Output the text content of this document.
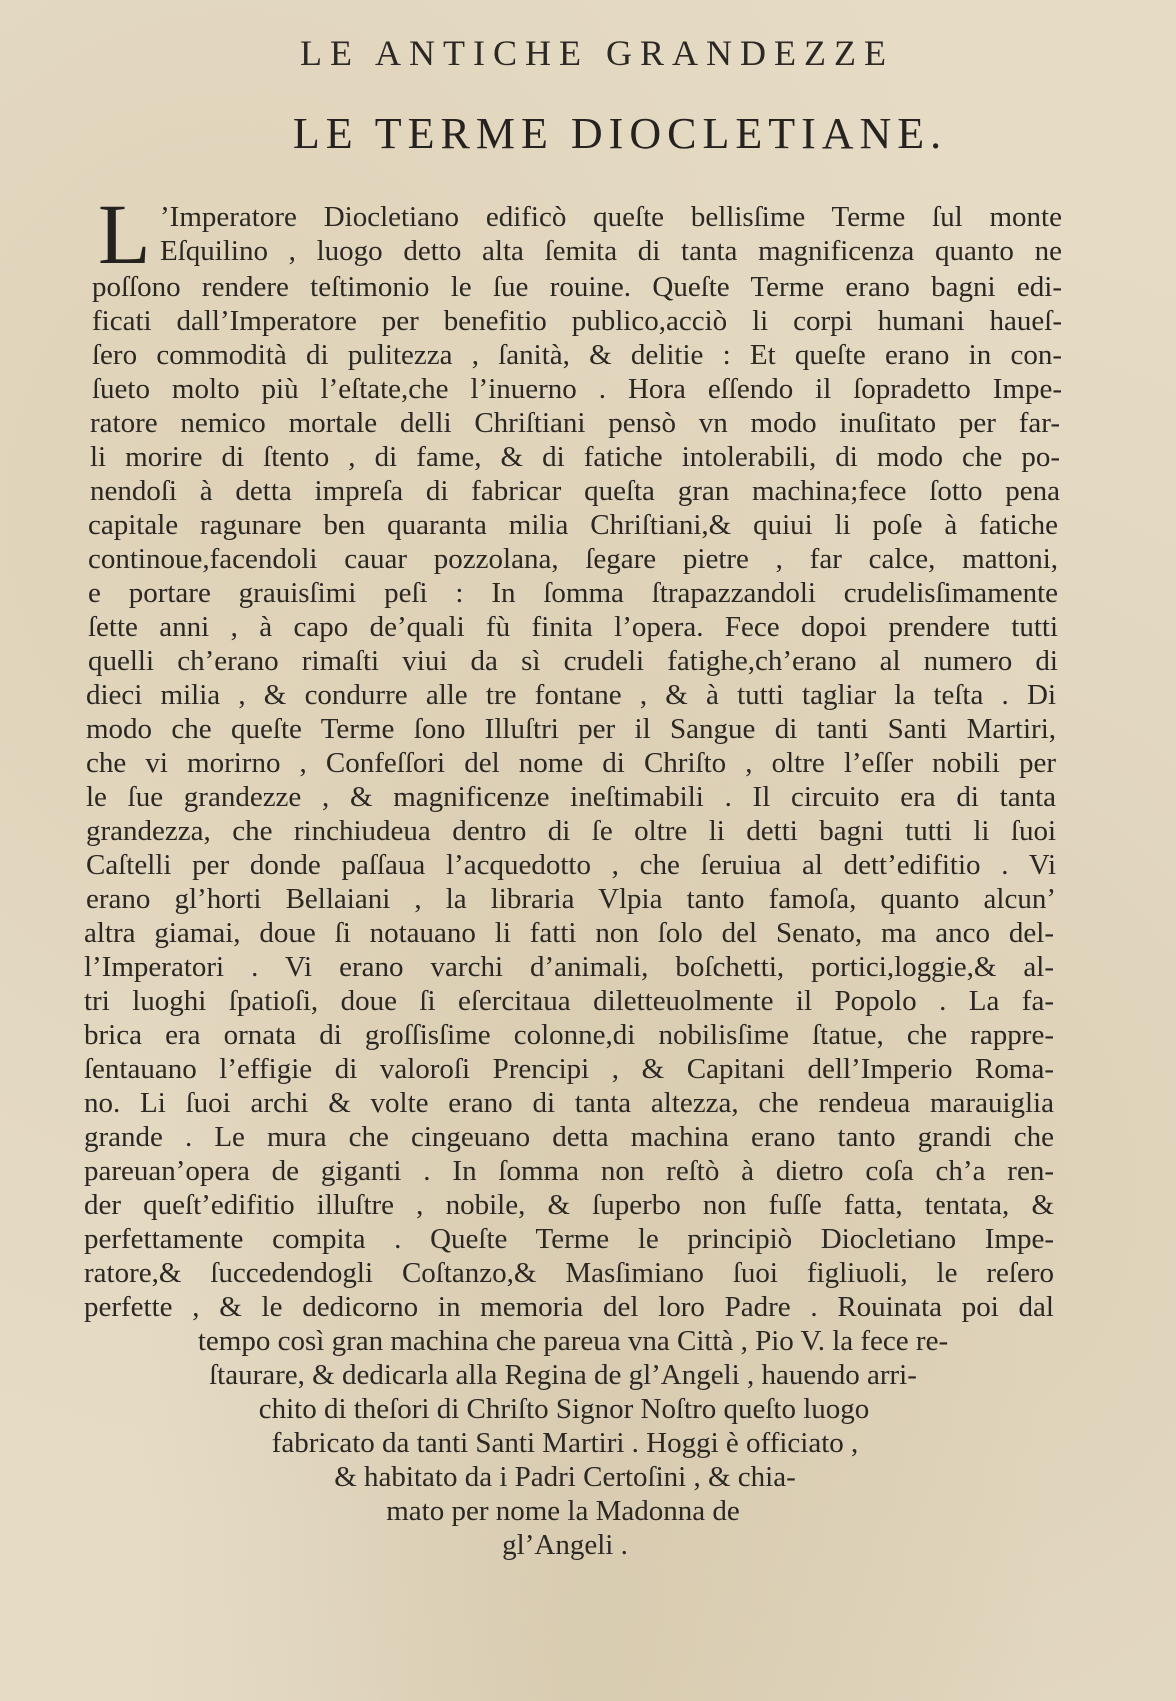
LE ANTICHE GRANDEZZE
LE TERME DIOCLETIANE.
L ’Imperatore Diocletiano edificò queſte bellisſime Terme ſul monte
Eſquilino , luogo detto alta ſemita di tanta magnificenza quanto ne
poſſono rendere teſtimonio le ſue rouine. Queſte Terme erano bagni edi-
ficati dall’Imperatore per benefitio publico,acciò li corpi humani haueſ-
ſero commodità di pulitezza , ſanità, & delitie : Et queſte erano in con-
ſueto molto più l’eſtate,che l’inuerno . Hora eſſendo il ſopradetto Impe-
ratore nemico mortale delli Chriſtiani pensò vn modo inuſitato per far-
li morire di ſtento , di fame, & di fatiche intolerabili, di modo che po-
nendoſi à detta impreſa di fabricar queſta gran machina;fece ſotto pena
capitale ragunare ben quaranta milia Chriſtiani,& quiui li poſe à fatiche
continoue,facendoli cauar pozzolana, ſegare pietre , far calce, mattoni,
e portare grauisſimi peſi : In ſomma ſtrapazzandoli crudelisſimamente
ſette anni , à capo de’quali fù finita l’opera. Fece dopoi prendere tutti
quelli ch’erano rimaſti viui da sì crudeli fatighe,ch’erano al numero di
dieci milia , & condurre alle tre fontane , & à tutti tagliar la teſta . Di
modo che queſte Terme ſono Illuſtri per il Sangue di tanti Santi Martiri,
che vi morirno , Confeſſori del nome di Chriſto , oltre l’eſſer nobili per
le ſue grandezze , & magnificenze ineſtimabili . Il circuito era di tanta
grandezza, che rinchiudeua dentro di ſe oltre li detti bagni tutti li ſuoi
Caſtelli per donde paſſaua l’acquedotto , che ſeruiua al dett’edifitio . Vi
erano gl’horti Bellaiani , la libraria Vlpia tanto famoſa, quanto alcun’
altra giamai, doue ſi notauano li fatti non ſolo del Senato, ma anco del-
l’Imperatori . Vi erano varchi d’animali, boſchetti, portici,loggie,& al-
tri luoghi ſpatioſi, doue ſi eſercitaua diletteuolmente il Popolo . La fa-
brica era ornata di groſſisſime colonne,di nobilisſime ſtatue, che rappre-
ſentauano l’effigie di valoroſi Prencipi , & Capitani dell’Imperio Roma-
no. Li ſuoi archi & volte erano di tanta altezza, che rendeua marauiglia
grande . Le mura che cingeuano detta machina erano tanto grandi che
pareuan’opera de giganti . In ſomma non reſtò à dietro coſa ch’a ren-
der queſt’edifitio illuſtre , nobile, & ſuperbo non fuſſe fatta, tentata, &
perfettamente compita . Queſte Terme le principiò Diocletiano Impe-
ratore,& ſuccedendogli Coſtanzo,& Masſimiano ſuoi figliuoli, le reſero
perfette , & le dedicorno in memoria del loro Padre . Rouinata poi dal
tempo così gran machina che pareua vna Città , Pio V. la fece re-
ſtaurare, & dedicarla alla Regina de gl’Angeli , hauendo arri-
chito di theſori di Chriſto Signor Noſtro queſto luogo
fabricato da tanti Santi Martiri . Hoggi è officiato ,
& habitato da i Padri Certoſini , & chia-
mato per nome la Madonna de
gl’Angeli .
